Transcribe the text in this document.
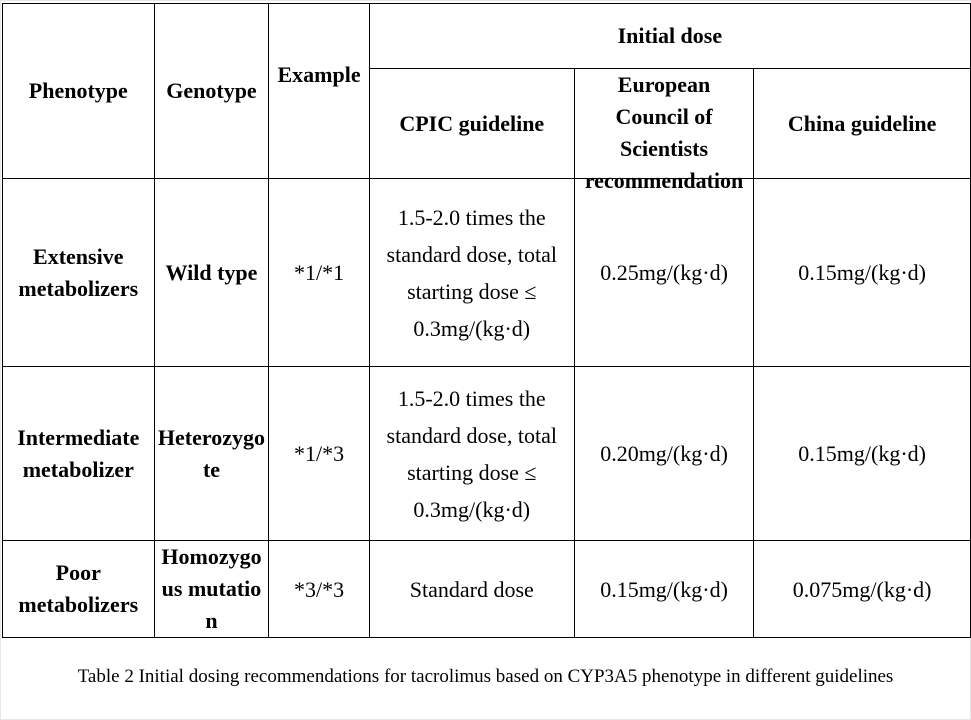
Phenotype	Genotype	Example	Initial dose		
			CPIC guideline	European Council of Scientists recommendation	China guideline
Extensive metabolizers	Wild type	*1/*1	1.5-2.0 times the standard dose, total starting dose ≤ 0.3mg/(kg·d)	0.25mg/(kg·d)	0.15mg/(kg·d)
Intermediate metabolizer	Heterozygote	*1/*3	1.5-2.0 times the standard dose, total starting dose ≤ 0.3mg/(kg·d)	0.20mg/(kg·d)	0.15mg/(kg·d)
Poor metabolizers	Homozygous mutation	*3/*3	Standard dose	0.15mg/(kg·d)	0.075mg/(kg·d)
Table 2 Initial dosing recommendations for tacrolimus based on CYP3A5 phenotype in different guidelines
